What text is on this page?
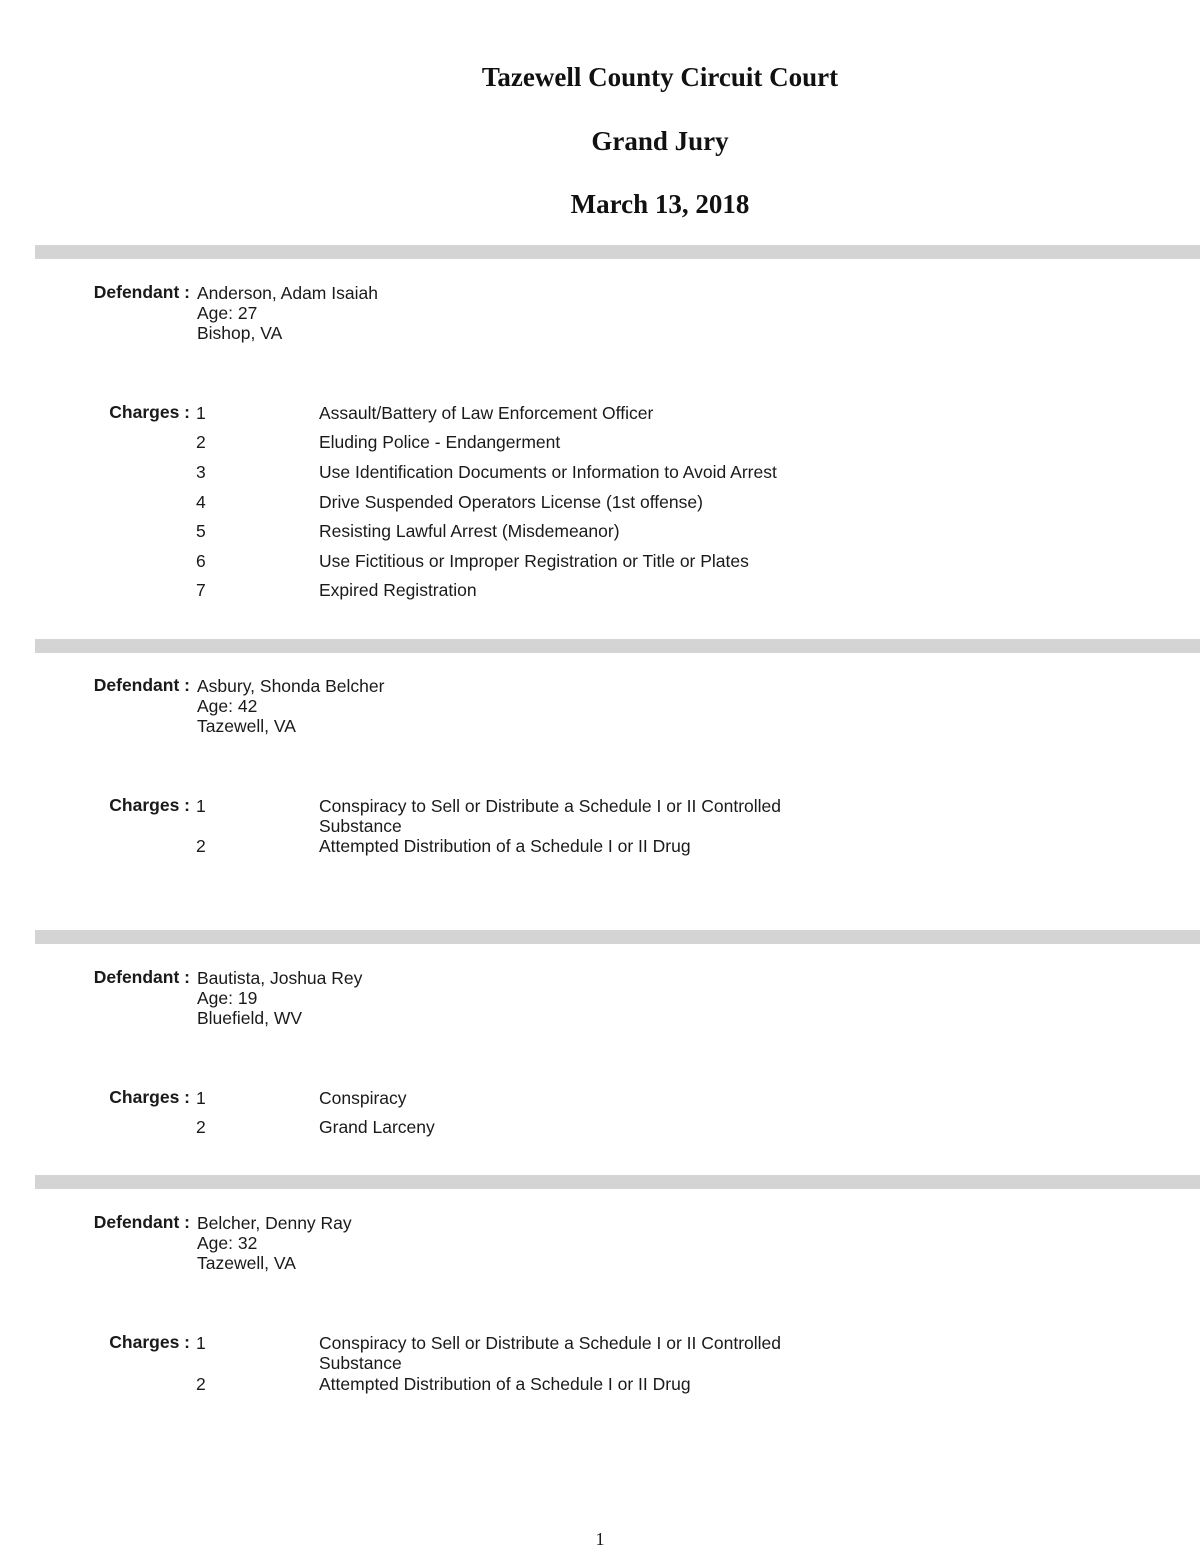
Tazewell County Circuit Court
Grand Jury
March 13, 2018
Defendant : Anderson, Adam Isaiah
Age: 27
Bishop, VA
Charges : 1	Assault/Battery of Law Enforcement Officer
2	Eluding Police - Endangerment
3	Use Identification Documents or Information to Avoid Arrest
4	Drive Suspended Operators License (1st offense)
5	Resisting Lawful Arrest (Misdemeanor)
6	Use Fictitious or Improper Registration or Title or Plates
7	Expired Registration
Defendant : Asbury, Shonda Belcher
Age: 42
Tazewell, VA
Charges : 1	Conspiracy to Sell or Distribute a Schedule I or II Controlled
Substance
2	Attempted Distribution of a Schedule I or II Drug
Defendant : Bautista, Joshua Rey
Age: 19
Bluefield, WV
Charges : 1	Conspiracy
2	Grand Larceny
Defendant : Belcher, Denny Ray
Age: 32
Tazewell, VA
Charges : 1	Conspiracy to Sell or Distribute a Schedule I or II Controlled
Substance
2	Attempted Distribution of a Schedule I or II Drug
1
